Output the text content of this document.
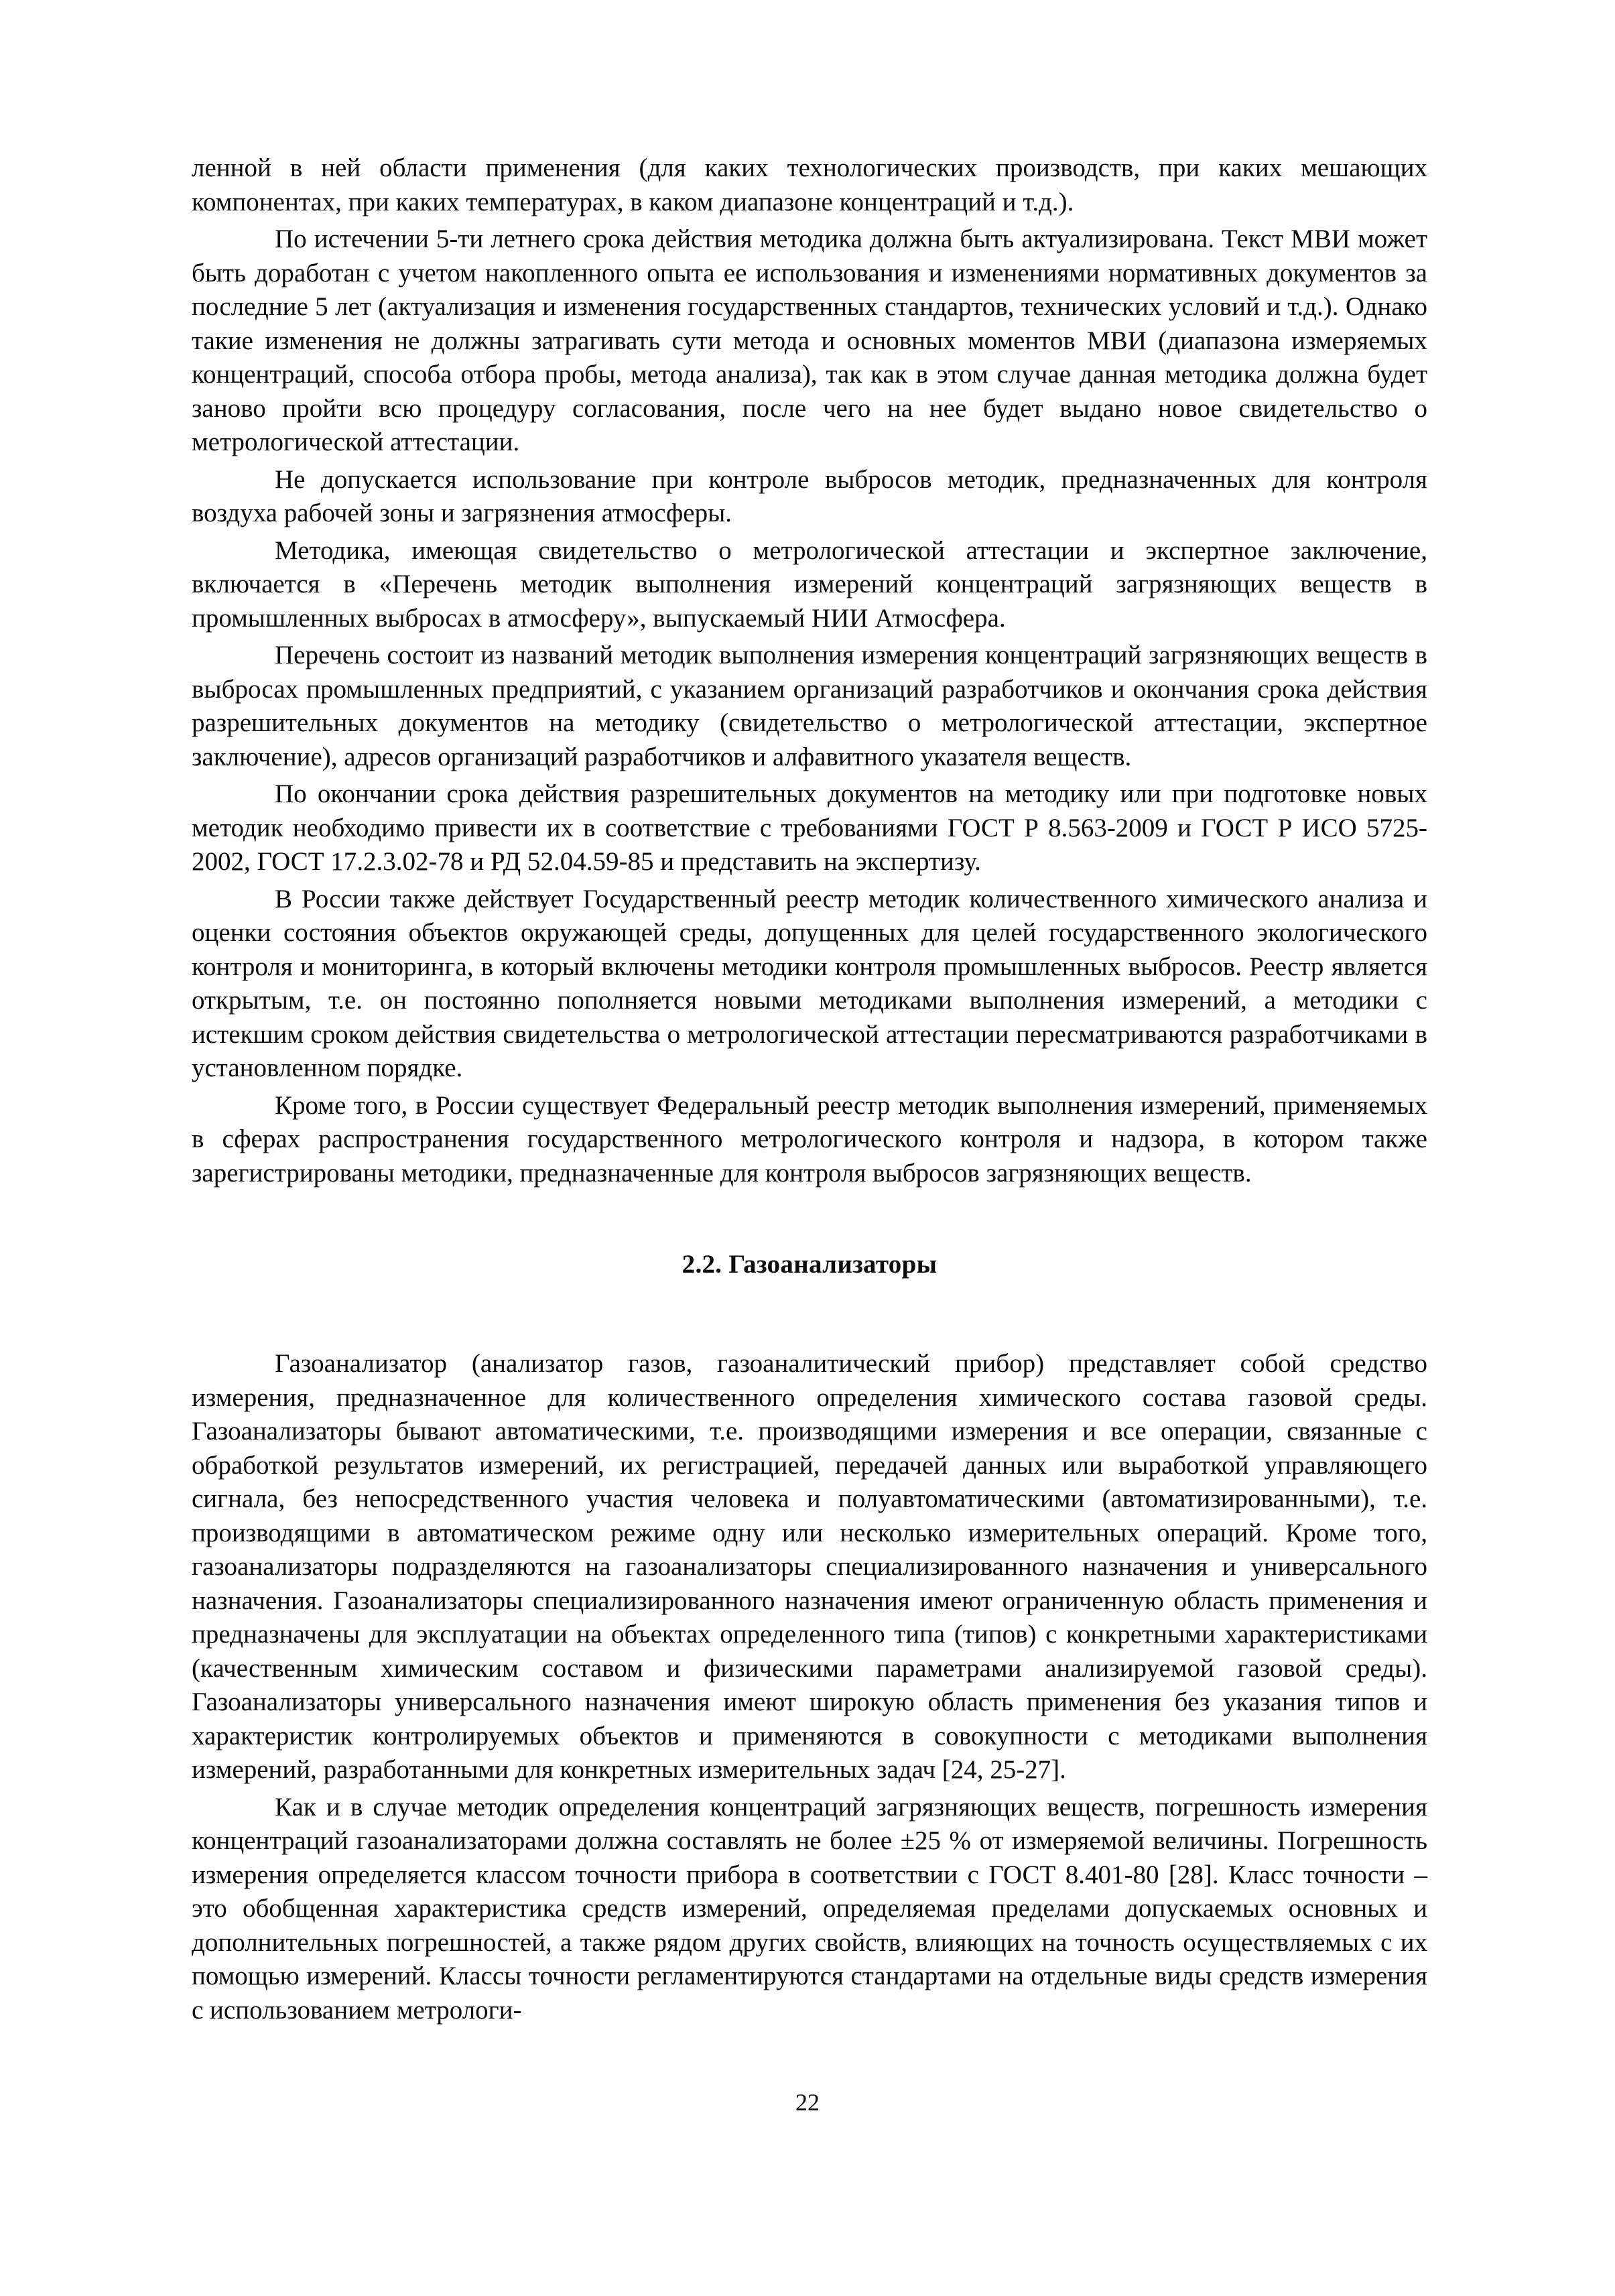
ленной в ней области применения (для каких технологических производств, при каких мешающих компонентах, при каких температурах, в каком диапазоне концентраций и т.д.).

По истечении 5-ти летнего срока действия методика должна быть актуализирована. Текст МВИ может быть доработан с учетом накопленного опыта ее использования и изменениями нормативных документов за последние 5 лет (актуализация и изменения государственных стандартов, технических условий и т.д.). Однако такие изменения не должны затрагивать сути метода и основных моментов МВИ (диапазона измеряемых концентраций, способа отбора пробы, метода анализа), так как в этом случае данная методика должна будет заново пройти всю процедуру согласования, после чего на нее будет выдано новое свидетельство о метрологической аттестации.

Не допускается использование при контроле выбросов методик, предназначенных для контроля воздуха рабочей зоны и загрязнения атмосферы.

Методика, имеющая свидетельство о метрологической аттестации и экспертное заключение, включается в «Перечень методик выполнения измерений концентраций загрязняющих веществ в промышленных выбросах в атмосферу», выпускаемый НИИ Атмосфера.

Перечень состоит из названий методик выполнения измерения концентраций загрязняющих веществ в выбросах промышленных предприятий, с указанием организаций разработчиков и окончания срока действия разрешительных документов на методику (свидетельство о метрологической аттестации, экспертное заключение), адресов организаций разработчиков и алфавитного указателя веществ.

По окончании срока действия разрешительных документов на методику или при подготовке новых методик необходимо привести их в соответствие с требованиями ГОСТ Р 8.563-2009 и ГОСТ Р ИСО 5725-2002, ГОСТ 17.2.3.02-78 и РД 52.04.59-85 и представить на экспертизу.

В России также действует Государственный реестр методик количественного химического анализа и оценки состояния объектов окружающей среды, допущенных для целей государственного экологического контроля и мониторинга, в который включены методики контроля промышленных выбросов. Реестр является открытым, т.е. он постоянно пополняется новыми методиками выполнения измерений, а методики с истекшим сроком действия свидетельства о метрологической аттестации пересматриваются разработчиками в установленном порядке.

Кроме того, в России существует Федеральный реестр методик выполнения измерений, применяемых в сферах распространения государственного метрологического контроля и надзора, в котором также зарегистрированы методики, предназначенные для контроля выбросов загрязняющих веществ.

2.2. Газоанализаторы

Газоанализатор (анализатор газов, газоаналитический прибор) представляет собой средство измерения, предназначенное для количественного определения химического состава газовой среды. Газоанализаторы бывают автоматическими, т.е. производящими измерения и все операции, связанные с обработкой результатов измерений, их регистрацией, передачей данных или выработкой управляющего сигнала, без непосредственного участия человека и полуавтоматическими (автоматизированными), т.е. производящими в автоматическом режиме одну или несколько измерительных операций. Кроме того, газоанализаторы подразделяются на газоанализаторы специализированного назначения и универсального назначения. Газоанализаторы специализированного назначения имеют ограниченную область применения и предназначены для эксплуатации на объектах определенного типа (типов) с конкретными характеристиками (качественным химическим составом и физическими параметрами анализируемой газовой среды). Газоанализаторы универсального назначения имеют широкую область применения без указания типов и характеристик контролируемых объектов и применяются в совокупности с методиками выполнения измерений, разработанными для конкретных измерительных задач [24, 25-27].

Как и в случае методик определения концентраций загрязняющих веществ, погрешность измерения концентраций газоанализаторами должна составлять не более ±25 % от измеряемой величины. Погрешность измерения определяется классом точности прибора в соответствии с ГОСТ 8.401-80 [28]. Класс точности – это обобщенная характеристика средств измерений, определяемая пределами допускаемых основных и дополнительных погрешностей, а также рядом других свойств, влияющих на точность осуществляемых с их помощью измерений. Классы точности регламентируются стандартами на отдельные виды средств измерения с использованием метрологи-

22
